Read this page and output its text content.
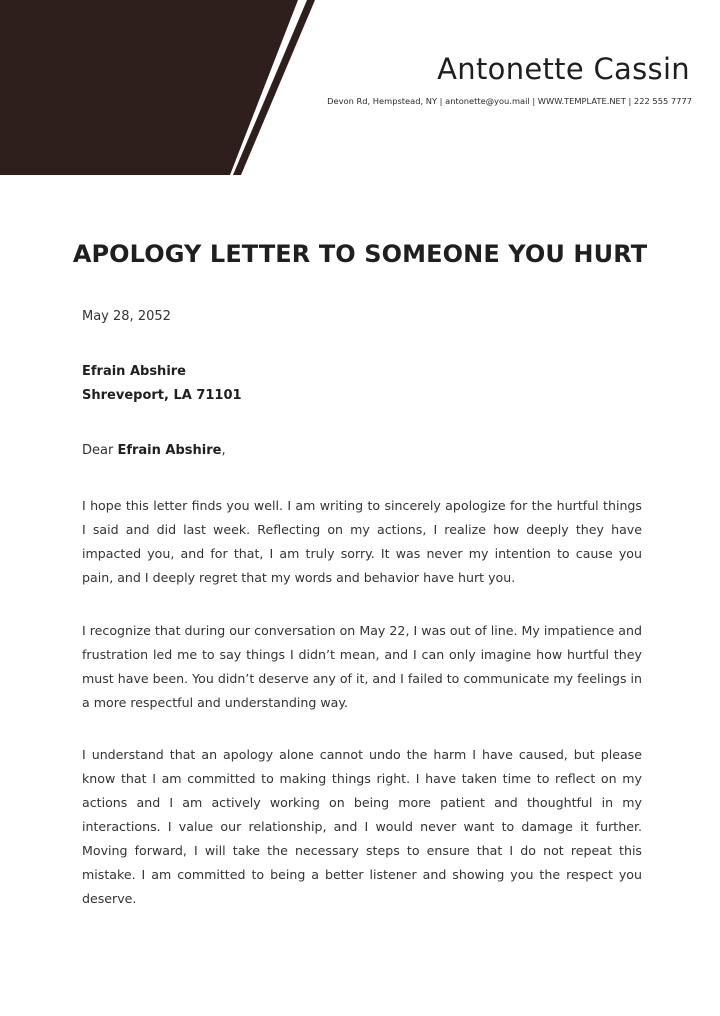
Antonette Cassin
Devon Rd, Hempstead, NY | antonette@you.mail | WWW.TEMPLATE.NET | 222 555 7777
APOLOGY LETTER TO SOMEONE YOU HURT
May 28, 2052
Efrain Abshire
Shreveport, LA 71101
Dear Efrain Abshire,
I hope this letter finds you well. I am writing to sincerely apologize for the hurtful things I said and did last week. Reflecting on my actions, I realize how deeply they have impacted you, and for that, I am truly sorry. It was never my intention to cause you pain, and I deeply regret that my words and behavior have hurt you.
I recognize that during our conversation on May 22, I was out of line. My impatience and frustration led me to say things I didn’t mean, and I can only imagine how hurtful they must have been. You didn’t deserve any of it, and I failed to communicate my feelings in a more respectful and understanding way.
I understand that an apology alone cannot undo the harm I have caused, but please know that I am committed to making things right. I have taken time to reflect on my actions and I am actively working on being more patient and thoughtful in my interactions. I value our relationship, and I would never want to damage it further. Moving forward, I will take the necessary steps to ensure that I do not repeat this mistake. I am committed to being a better listener and showing you the respect you deserve.
